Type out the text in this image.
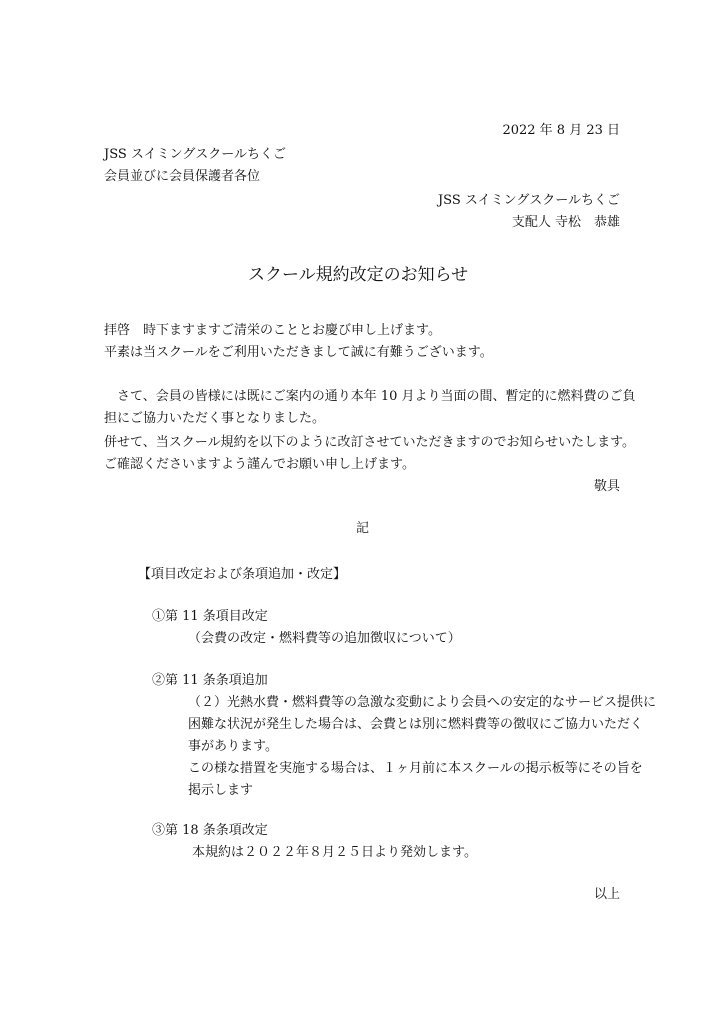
2022 年 8 月 23 日
JSS スイミングスクールちくご
会員並びに会員保護者各位
JSS スイミングスクールちくご
支配人 寺松　恭雄
スクール規約改定のお知らせ
拝啓　時下ますますご清栄のこととお慶び申し上げます。
平素は当スクールをご利用いただきまして誠に有難うございます。
　さて、会員の皆様には既にご案内の通り本年 10 月より当面の間、暫定的に燃料費のご負
担にご協力いただく事となりました。
併せて、当スクール規約を以下のように改訂させていただきますのでお知らせいたします。
ご確認くださいますよう謹んでお願い申し上げます。
敬具
記
【項目改定および条項追加・改定】
①第 11 条項目改定
（会費の改定・燃料費等の追加徴収について）
②第 11 条条項追加
（２）光熱水費・燃料費等の急激な変動により会員への安定的なサービス提供に
困難な状況が発生した場合は、会費とは別に燃料費等の徴収にご協力いただく
事があります。
この様な措置を実施する場合は、１ヶ月前に本スクールの掲示板等にその旨を
掲示します
③第 18 条条項改定
本規約は２０２２年８月２５日より発効します。
以上
